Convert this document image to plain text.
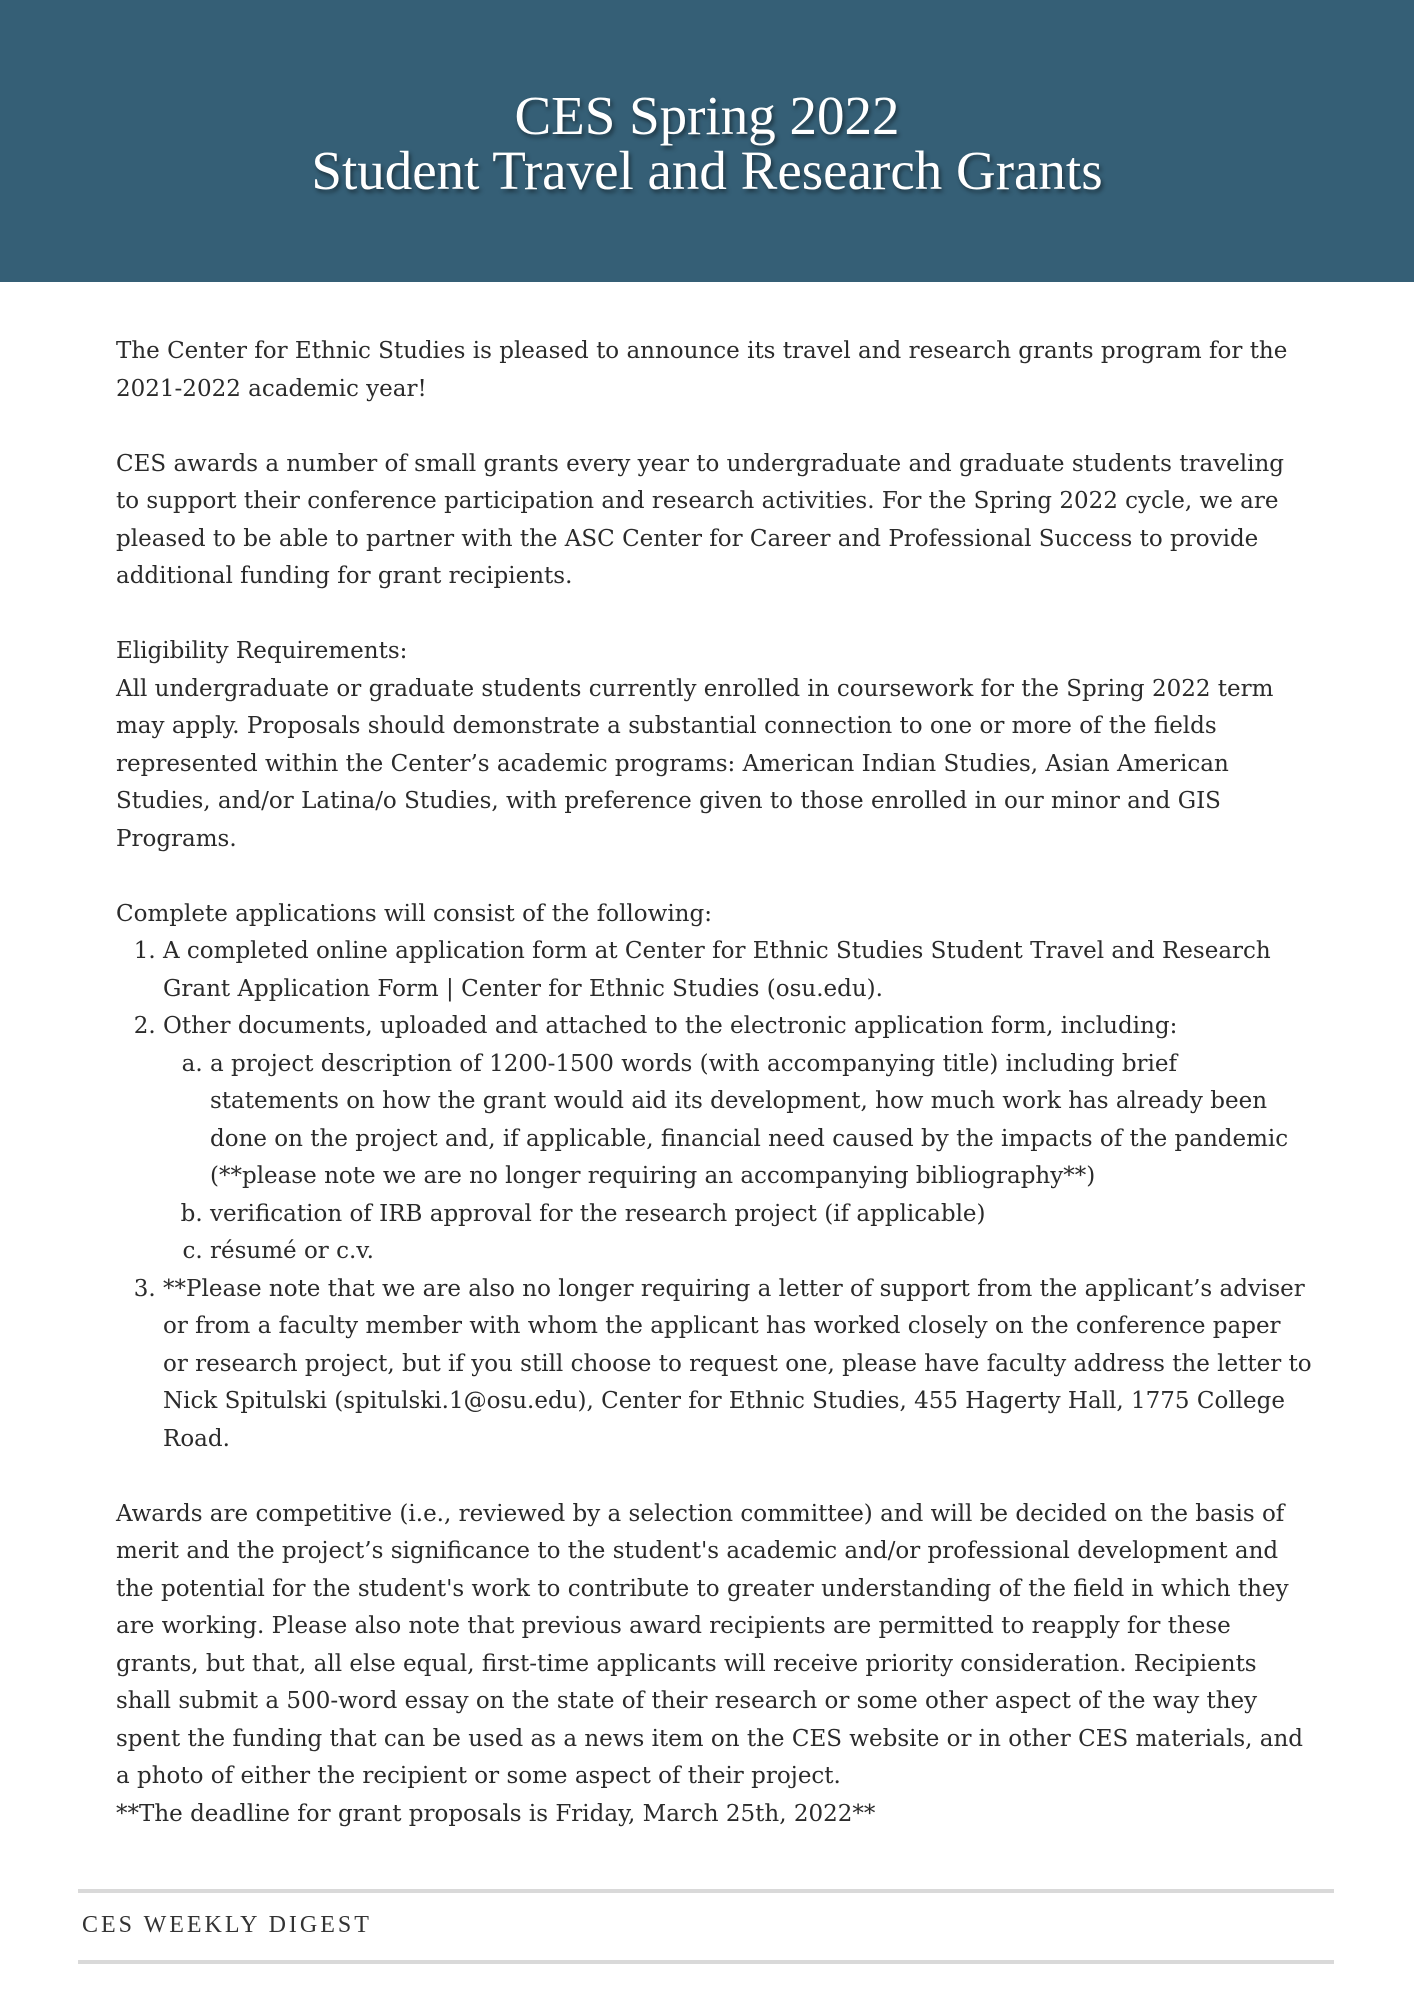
CES Spring 2022
Student Travel and Research Grants

The Center for Ethnic Studies is pleased to announce its travel and research grants program for the 2021-2022 academic year!

CES awards a number of small grants every year to undergraduate and graduate students traveling to support their conference participation and research activities. For the Spring 2022 cycle, we are pleased to be able to partner with the ASC Center for Career and Professional Success to provide additional funding for grant recipients.

Eligibility Requirements:

All undergraduate or graduate students currently enrolled in coursework for the Spring 2022 term may apply. Proposals should demonstrate a substantial connection to one or more of the fields represented within the Center’s academic programs: American Indian Studies, Asian American Studies, and/or Latina/o Studies, with preference given to those enrolled in our minor and GIS Programs.

Complete applications will consist of the following:

1. A completed online application form at Center for Ethnic Studies Student Travel and Research Grant Application Form | Center for Ethnic Studies (osu.edu).
2. Other documents, uploaded and attached to the electronic application form, including:
a. a project description of 1200-1500 words (with accompanying title) including brief statements on how the grant would aid its development, how much work has already been done on the project and, if applicable, financial need caused by the impacts of the pandemic (**please note we are no longer requiring an accompanying bibliography**)
b. verification of IRB approval for the research project (if applicable)
c. résumé or c.v.
3. **Please note that we are also no longer requiring a letter of support from the applicant’s adviser or from a faculty member with whom the applicant has worked closely on the conference paper or research project, but if you still choose to request one, please have faculty address the letter to Nick Spitulski (spitulski.1@osu.edu), Center for Ethnic Studies, 455 Hagerty Hall, 1775 College Road.

Awards are competitive (i.e., reviewed by a selection committee) and will be decided on the basis of merit and the project’s significance to the student's academic and/or professional development and the potential for the student's work to contribute to greater understanding of the field in which they are working. Please also note that previous award recipients are permitted to reapply for these grants, but that, all else equal, first-time applicants will receive priority consideration. Recipients shall submit a 500-word essay on the state of their research or some other aspect of the way they spent the funding that can be used as a news item on the CES website or in other CES materials, and a photo of either the recipient or some aspect of their project.

**The deadline for grant proposals is Friday, March 25th, 2022**

CES WEEKLY DIGEST
